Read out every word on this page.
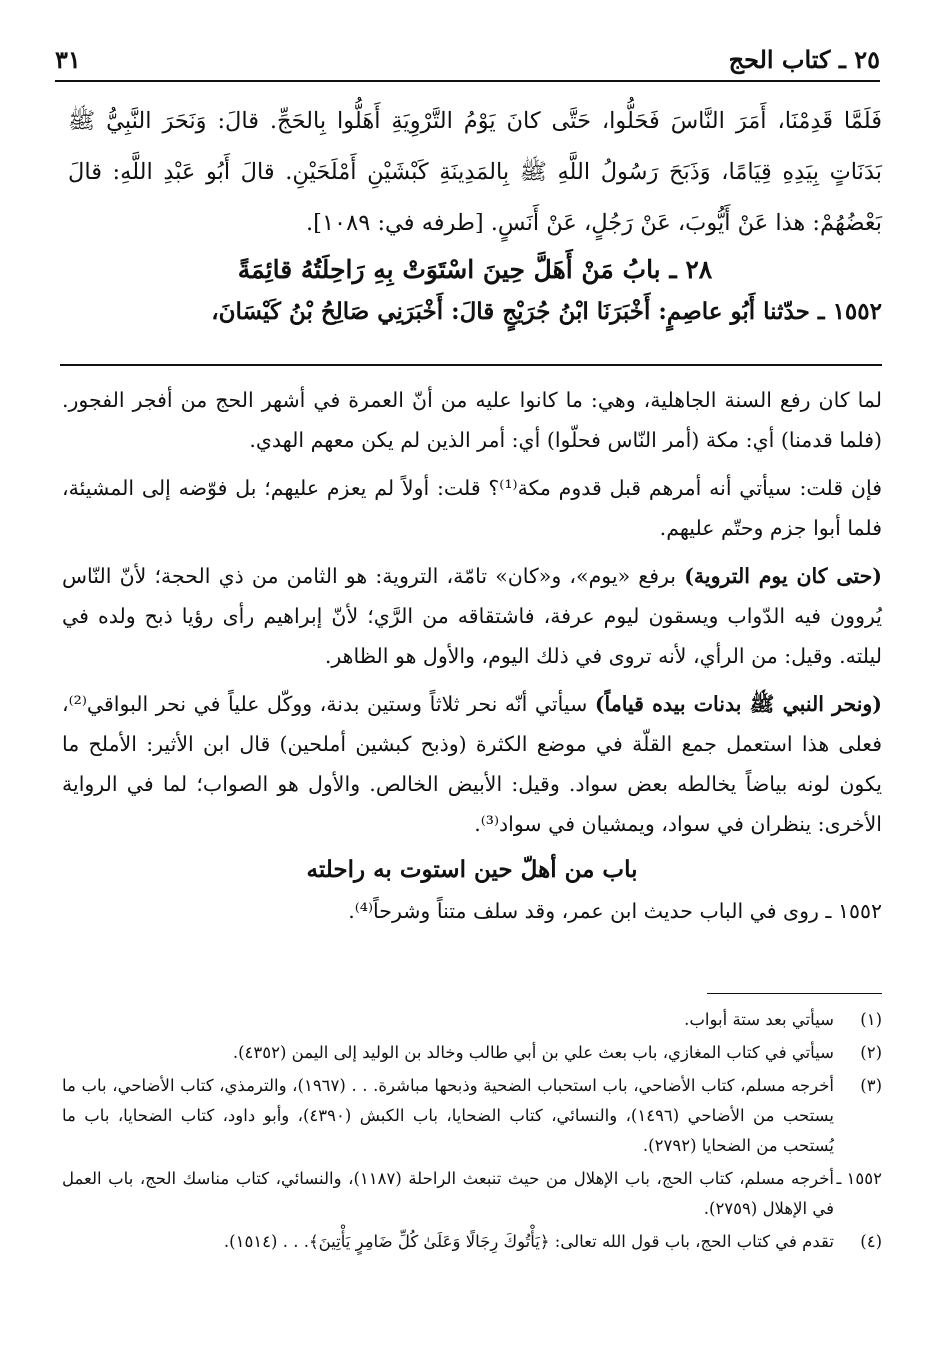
٢٥ ـ كتاب الحج
٣١

فَلَمَّا قَدِمْنَا، أَمَرَ النَّاسَ فَحَلُّوا، حَتَّى كانَ يَوْمُ التَّرْوِيَةِ أَهَلُّوا بِالحَجِّ. قالَ: وَنَحَرَ النَّبِيُّ ﷺ بَدَنَاتٍ بِيَدِهِ قِيَامًا، وَذَبَحَ رَسُولُ اللَّهِ ﷺ بِالمَدِينَةِ كَبْشَيْنِ أَمْلَحَيْنِ. قالَ أَبُو عَبْدِ اللَّهِ: قالَ بَعْضُهُمْ: هذا عَنْ أَيُّوبَ، عَنْ رَجُلٍ، عَنْ أَنَسٍ. [طرفه في: ١٠٨٩].

٢٨ ـ بابُ مَنْ أَهَلَّ حِينَ اسْتَوَتْ بِهِ رَاحِلَتُهُ قائِمَةً

١٥٥٢ ـ حدّثنا أَبُو عاصِمٍ: أَخْبَرَنَا ابْنُ جُرَيْجٍ قالَ: أَخْبَرَنِي صَالِحُ بْنُ كَيْسَانَ،

لما كان رفع السنة الجاهلية، وهي: ما كانوا عليه من أنّ العمرة في أشهر الحج من أفجر الفجور. (فلما قدمنا) أي: مكة (أمر النّاس فحلّوا) أي: أمر الذين لم يكن معهم الهدي.

فإن قلت: سيأتي أنه أمرهم قبل قدوم مكة⁽¹⁾؟ قلت: أولاً لم يعزم عليهم؛ بل فوّضه إلى المشيئة، فلما أبوا جزم وحتّم عليهم.

(حتى كان يوم التروية) برفع «يوم»، و«كان» تامّة، التروية: هو الثامن من ذي الحجة؛ لأنّ النّاس يُروون فيه الدّواب ويسقون ليوم عرفة، فاشتقاقه من الرَّي؛ لأنّ إبراهيم رأى رؤيا ذبح ولده في ليلته. وقيل: من الرأي، لأنه تروى في ذلك اليوم، والأول هو الظاهر.

(ونحر النبي ﷺ بدنات بيده قياماً) سيأتي أنّه نحر ثلاثاً وستين بدنة، ووكّل علياً في نحر البواقي⁽²⁾، فعلى هذا استعمل جمع القلّة في موضع الكثرة (وذبح كبشين أملحين) قال ابن الأثير: الأملح ما يكون لونه بياضاً يخالطه بعض سواد. وقيل: الأبيض الخالص. والأول هو الصواب؛ لما في الرواية الأخرى: ينظران في سواد، ويمشيان في سواد⁽³⁾.

باب من أهلّ حين استوت به راحلته

١٥٥٢ ـ روى في الباب حديث ابن عمر، وقد سلف متناً وشرحاً⁽⁴⁾.

(١)
سيأتي بعد ستة أبواب.
(٢)
سيأتي في كتاب المغازي، باب بعث علي بن أبي طالب وخالد بن الوليد إلى اليمن (٤٣٥٢).
(٣)
أخرجه مسلم، كتاب الأضاحي، باب استحباب الضحية وذبحها مباشرة. . . (١٩٦٧)، والترمذي، كتاب الأضاحي، باب ما يستحب من الأضاحي (١٤٩٦)، والنسائي، كتاب الضحايا، باب الكبش (٤٣٩٠)، وأبو داود، كتاب الضحايا، باب ما يُستحب من الضحايا (٢٧٩٢).
١٥٥٢ ـ
أخرجه مسلم، كتاب الحج، باب الإهلال من حيث تنبعث الراحلة (١١٨٧)، والنسائي، كتاب مناسك الحج، باب العمل في الإهلال (٢٧٥٩).
(٤)
تقدم في كتاب الحج، باب قول الله تعالى: ﴿يَأْتُوكَ رِجَالًا وَعَلَىٰ كُلِّ ضَامِرٍ يَأْتِينَ﴾. . . (١٥١٤).
